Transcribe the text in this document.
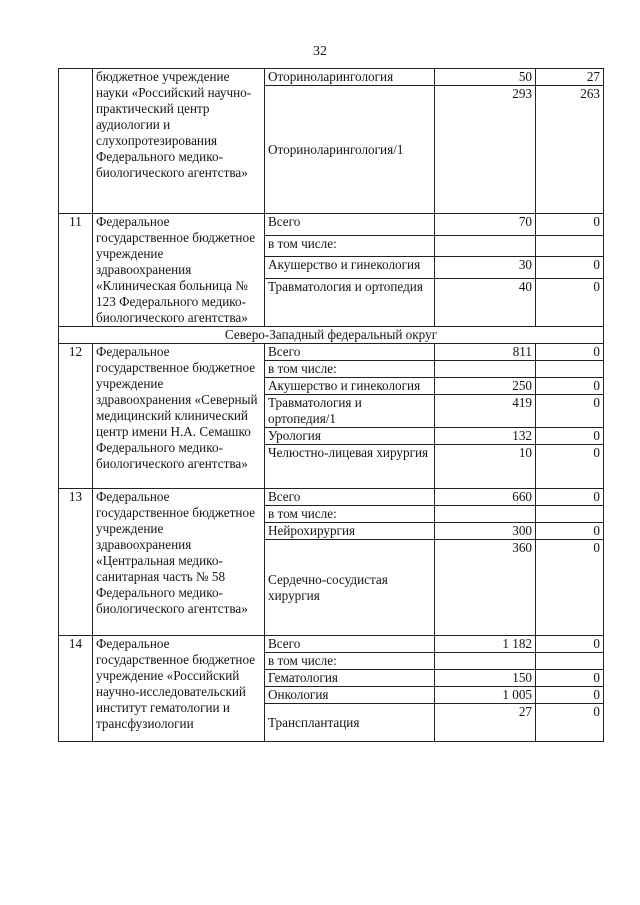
32
	бюджетное учреждение науки «Российский научно-практический центр аудиологии и слухопротезирования Федерального медико-биологического агентства»	Оториноларингология	50	27
		Оториноларингология/1	293	263
11	Федеральное государственное бюджетное учреждение здравоохранения «Клиническая больница № 123 Федерального медико-биологического агентства»	Всего	70	0
		в том числе:		
		Акушерство и гинекология	30	0
		Травматология и ортопедия	40	0
Северо-Западный федеральный округ				
12	Федеральное государственное бюджетное учреждение здравоохранения «Северный медицинский клинический центр имени Н.А. Семашко Федерального медико-биологического агентства»	Всего	811	0
		в том числе:		
		Акушерство и гинекология	250	0
		Травматология и ортопедия/1	419	0
		Урология	132	0
		Челюстно-лицевая хирургия	10	0
13	Федеральное государственное бюджетное учреждение здравоохранения «Центральная медико-санитарная часть № 58 Федерального медико-биологического агентства»	Всего	660	0
		в том числе:		
		Нейрохирургия	300	0
		Сердечно-сосудистая хирургия	360	0
14	Федеральное государственное бюджетное учреждение «Российский научно-исследовательский институт гематологии и трансфузиологии	Всего	1 182	0
		в том числе:		
		Гематология	150	0
		Онкология	1 005	0
		Трансплантация	27	0
